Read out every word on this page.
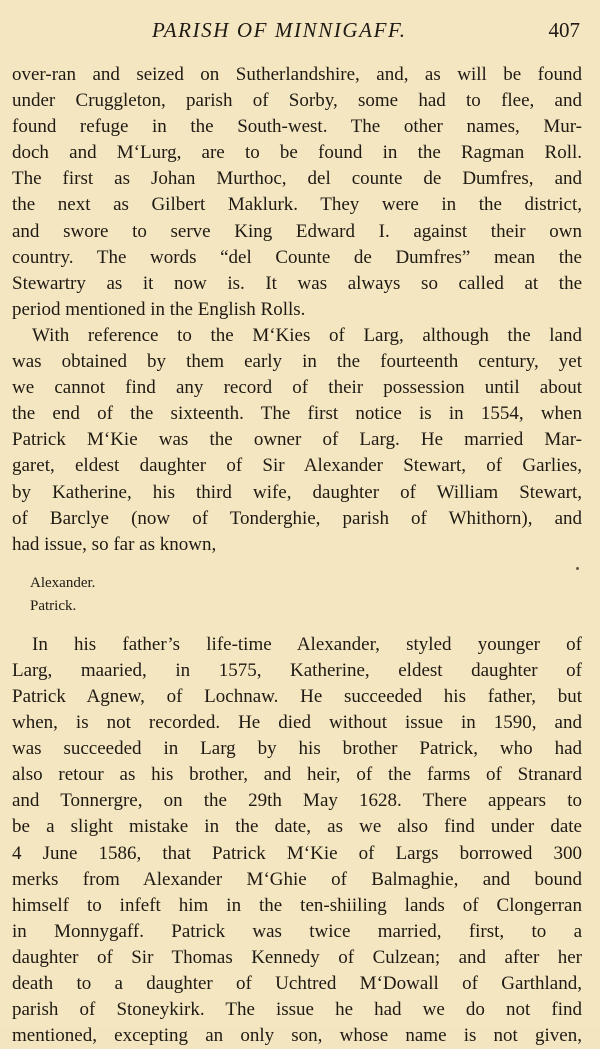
PARISH OF MINNIGAFF.	407
over-ran and seized on Sutherlandshire, and, as will be found
under Cruggleton, parish of Sorby, some had to flee, and
found refuge in the South-west. The other names, Mur-
doch and M‘Lurg, are to be found in the Ragman Roll.
The first as Johan Murthoc, del counte de Dumfres, and
the next as Gilbert Maklurk. They were in the district,
and swore to serve King Edward I. against their own
country. The words “del Counte de Dumfres” mean the
Stewartry as it now is. It was always so called at the
period mentioned in the English Rolls.
With reference to the M‘Kies of Larg, although the land
was obtained by them early in the fourteenth century, yet
we cannot find any record of their possession until about
the end of the sixteenth. The first notice is in 1554, when
Patrick M‘Kie was the owner of Larg. He married Mar-
garet, eldest daughter of Sir Alexander Stewart, of Garlies,
by Katherine, his third wife, daughter of William Stewart,
of Barclye (now of Tonderghie, parish of Whithorn), and
had issue, so far as known,
Alexander.
Patrick.
In his father’s life-time Alexander, styled younger of
Larg, maaried, in 1575, Katherine, eldest daughter of
Patrick Agnew, of Lochnaw. He succeeded his father, but
when, is not recorded. He died without issue in 1590, and
was succeeded in Larg by his brother Patrick, who had
also retour as his brother, and heir, of the farms of Stranard
and Tonnergre, on the 29th May 1628. There appears to
be a slight mistake in the date, as we also find under date
4 June 1586, that Patrick M‘Kie of Largs borrowed 300
merks from Alexander M‘Ghie of Balmaghie, and bound
himself to infeft him in the ten-shiiling lands of Clongerran
in Monnygaff. Patrick was twice married, first, to a
daughter of Sir Thomas Kennedy of Culzean; and after her
death to a daughter of Uchtred M‘Dowall of Garthland,
parish of Stoneykirk. The issue he had we do not find
mentioned, excepting an only son, whose name is not given,
